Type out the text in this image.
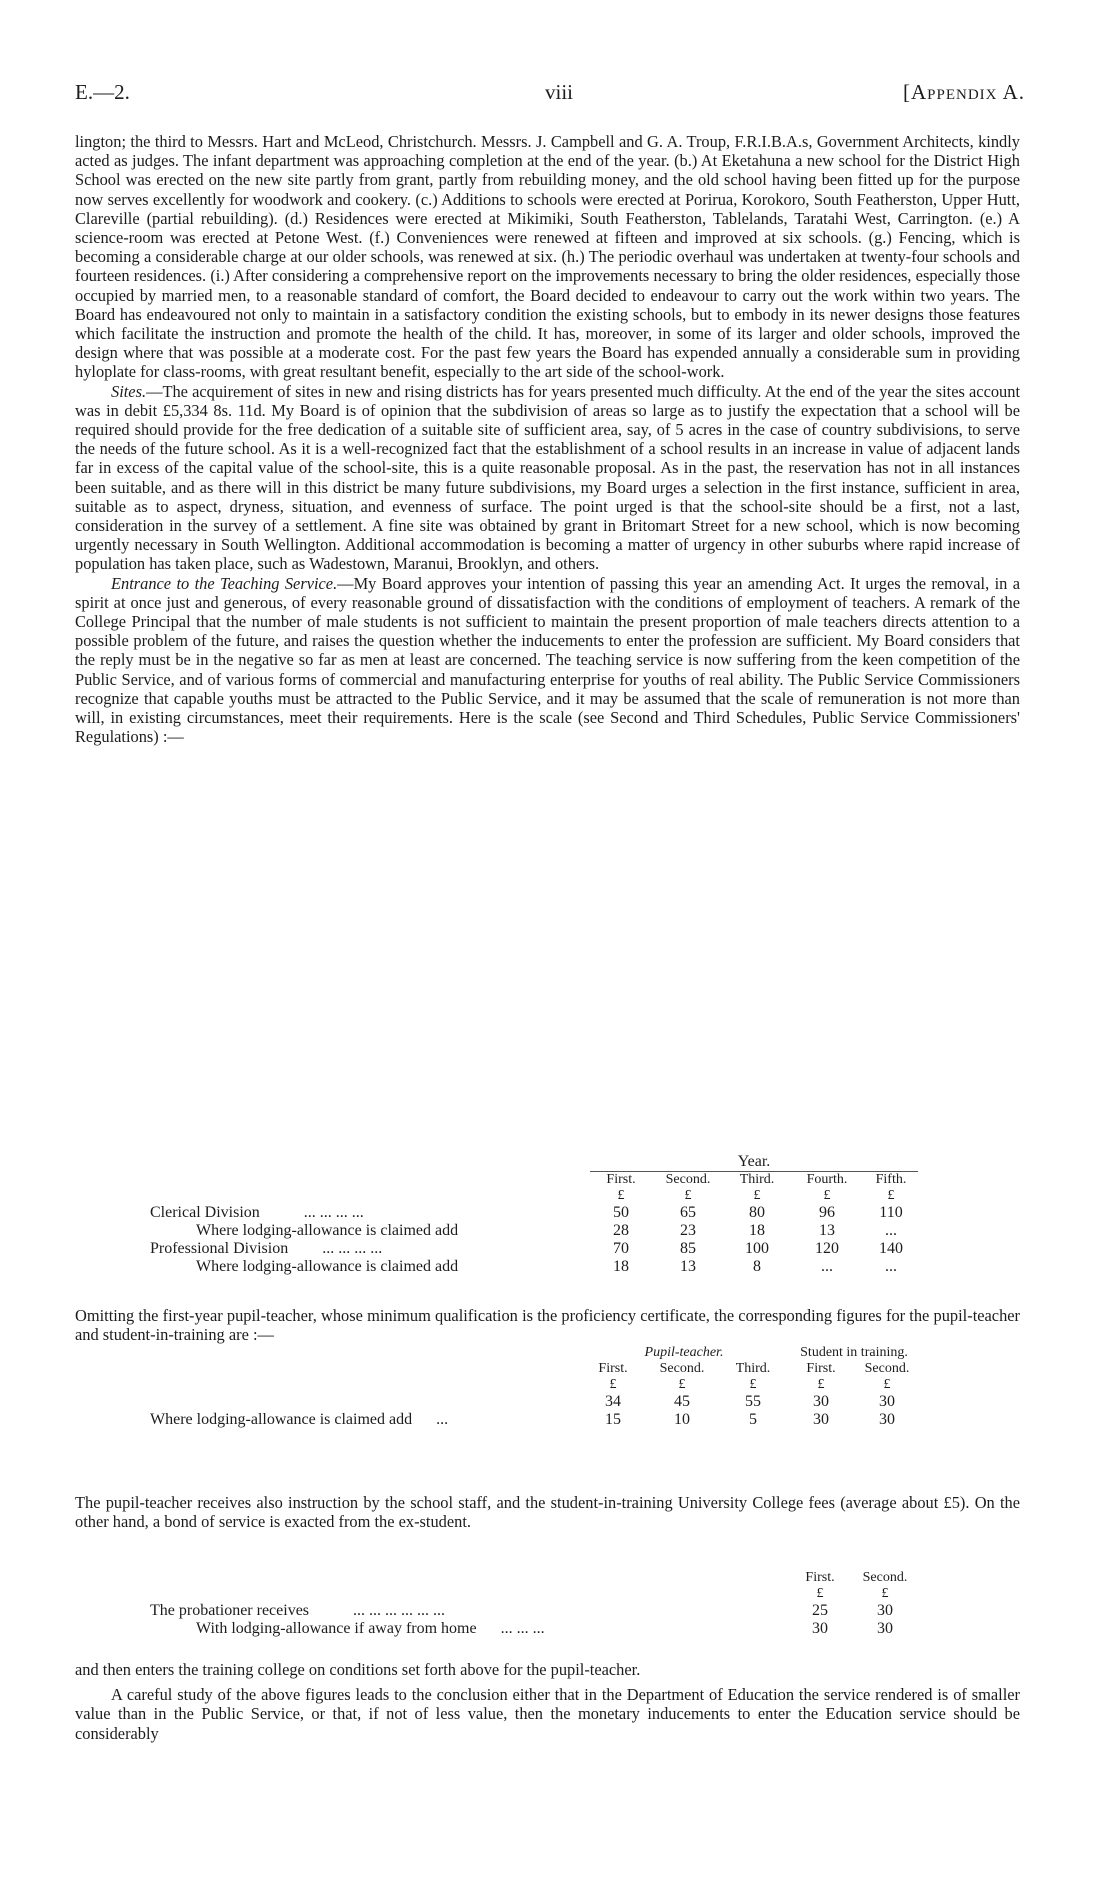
E.—2.	viii	[Appendix A.

lington; the third to Messrs. Hart and McLeod, Christchurch. Messrs. J. Campbell and G. A. Troup, F.R.I.B.A.s, Government Architects, kindly acted as judges. The infant department was approaching completion at the end of the year. (b.) At Eketahuna a new school for the District High School was erected on the new site partly from grant, partly from rebuilding money, and the old school having been fitted up for the purpose now serves excellently for woodwork and cookery. (c.) Additions to schools were erected at Porirua, Korokoro, South Featherston, Upper Hutt, Clareville (partial rebuilding). (d.) Residences were erected at Mikimiki, South Featherston, Tablelands, Taratahi West, Carrington. (e.) A science-room was erected at Petone West. (f.) Conveniences were renewed at fifteen and improved at six schools. (g.) Fencing, which is becoming a considerable charge at our older schools, was renewed at six. (h.) The periodic overhaul was undertaken at twenty-four schools and fourteen residences. (i.) After considering a comprehensive report on the improvements necessary to bring the older residences, especially those occupied by married men, to a reasonable standard of comfort, the Board decided to endeavour to carry out the work within two years. The Board has endeavoured not only to maintain in a satisfactory condition the existing schools, but to embody in its newer designs those features which facilitate the instruction and promote the health of the child. It has, moreover, in some of its larger and older schools, improved the design where that was possible at a moderate cost. For the past few years the Board has expended annually a considerable sum in providing hyloplate for class-rooms, with great resultant benefit, especially to the art side of the school-work.

Sites.—The acquirement of sites in new and rising districts has for years presented much difficulty. At the end of the year the sites account was in debit £5,334 8s. 11d. My Board is of opinion that the subdivision of areas so large as to justify the expectation that a school will be required should provide for the free dedication of a suitable site of sufficient area, say, of 5 acres in the case of country subdivisions, to serve the needs of the future school. As it is a well-recognized fact that the establishment of a school results in an increase in value of adjacent lands far in excess of the capital value of the school-site, this is a quite reasonable proposal. As in the past, the reservation has not in all instances been suitable, and as there will in this district be many future subdivisions, my Board urges a selection in the first instance, sufficient in area, suitable as to aspect, dryness, situation, and evenness of surface. The point urged is that the school-site should be a first, not a last, consideration in the survey of a settlement. A fine site was obtained by grant in Britomart Street for a new school, which is now becoming urgently necessary in South Wellington. Additional accommodation is becoming a matter of urgency in other suburbs where rapid increase of population has taken place, such as Wadestown, Maranui, Brooklyn, and others.

Entrance to the Teaching Service.—My Board approves your intention of passing this year an amending Act. It urges the removal, in a spirit at once just and generous, of every reasonable ground of dissatisfaction with the conditions of employment of teachers. A remark of the College Principal that the number of male students is not sufficient to maintain the present proportion of male teachers directs attention to a possible problem of the future, and raises the question whether the inducements to enter the profession are sufficient. My Board considers that the reply must be in the negative so far as men at least are concerned. The teaching service is now suffering from the keen competition of the Public Service, and of various forms of commercial and manufacturing enterprise for youths of real ability. The Public Service Commissioners recognize that capable youths must be attracted to the Public Service, and it may be assumed that the scale of remuneration is not more than will, in existing circumstances, meet their requirements. Here is the scale (see Second and Third Schedules, Public Service Commissioners' Regulations) :—

	Year.				
	First.	Second.	Third.	Fourth.	Fifth.
	£	£	£	£	£
Clerical Division ... ... ... ...	50	65	80	96	110
Where lodging-allowance is claimed add	28	23	18	13	...
Professional Division ... ... ... ...	70	85	100	120	140
Where lodging-allowance is claimed add	18	13	8	...	...

Omitting the first-year pupil-teacher, whose minimum qualification is the proficiency certificate, the corresponding figures for the pupil-teacher and student-in-training are :—

	Pupil-teacher.			Student in training.	
	First.	Second.	Third.	First.	Second.
	£	£	£	£	£
	34	45	55	30	30
Where lodging-allowance is claimed add ...	15	10	5	30	30

The pupil-teacher receives also instruction by the school staff, and the student-in-training University College fees (average about £5). On the other hand, a bond of service is exacted from the ex-student.

	First.	Second.
	£	£
The probationer receives ... ... ... ... ... ...	25	30
With lodging-allowance if away from home ... ... ...	30	30

and then enters the training college on conditions set forth above for the pupil-teacher.

A careful study of the above figures leads to the conclusion either that in the Department of Education the service rendered is of smaller value than in the Public Service, or that, if not of less value, then the monetary inducements to enter the Education service should be considerably
